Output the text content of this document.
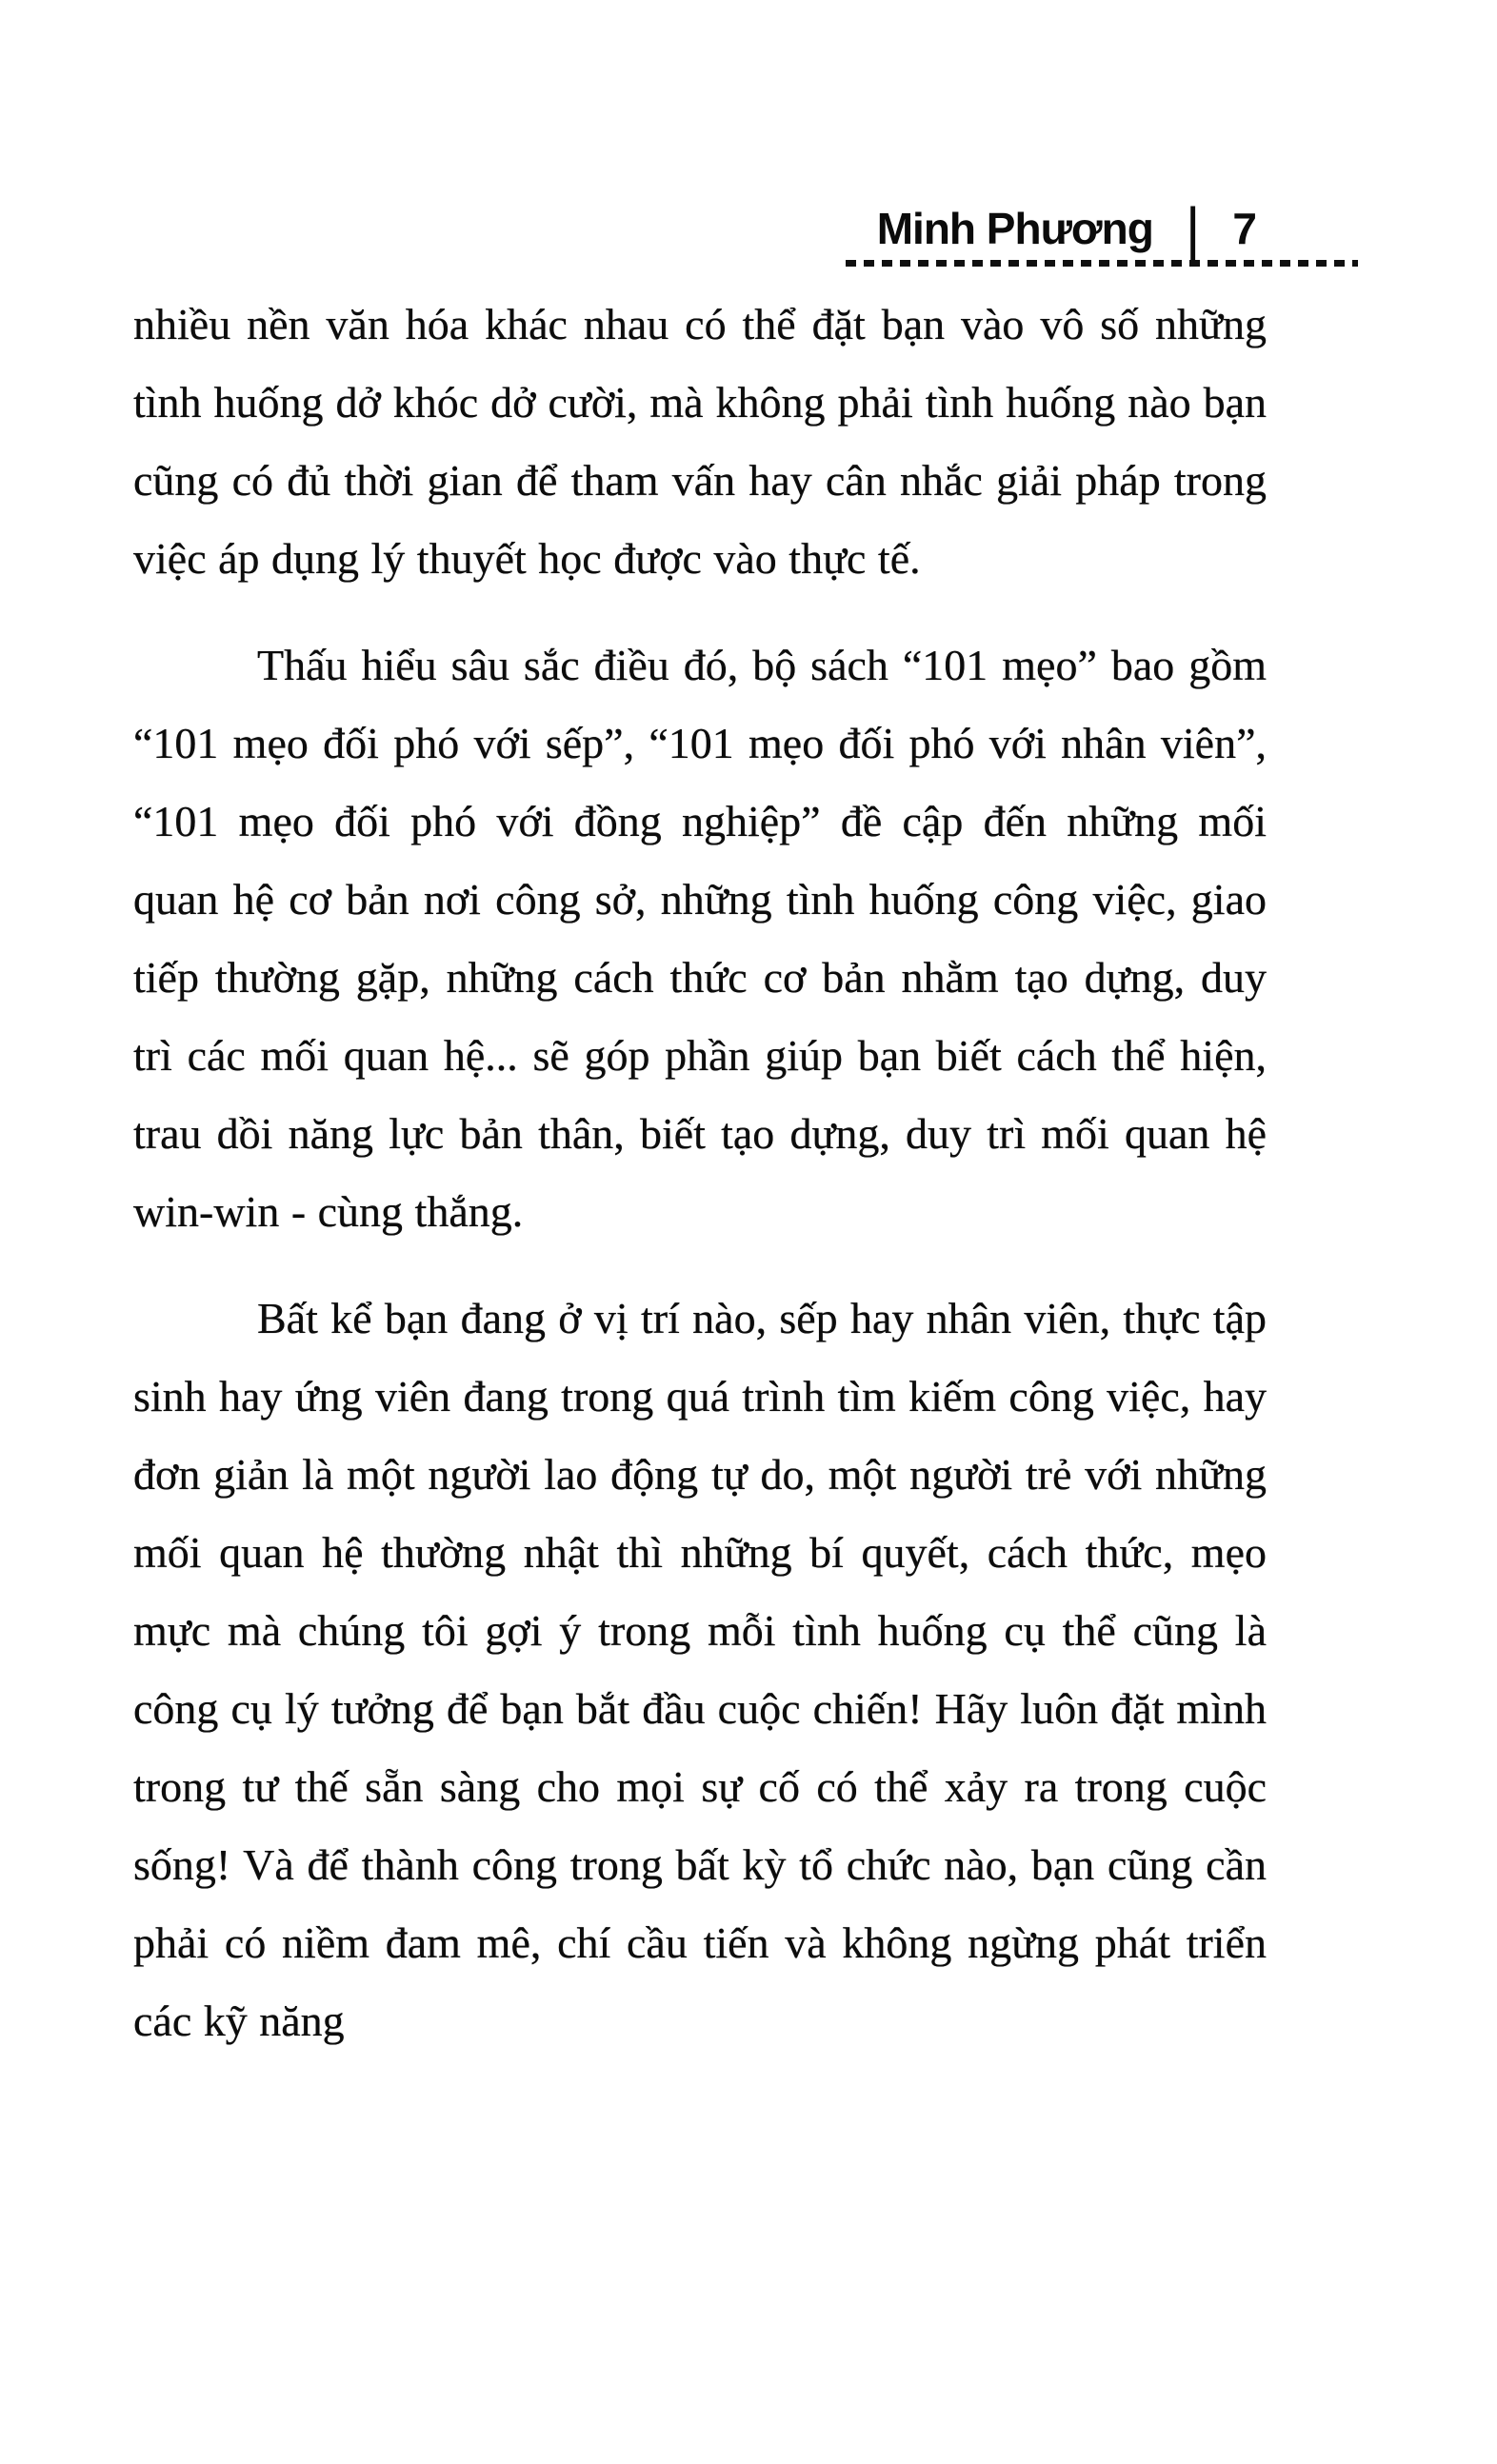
Minh Phương | 7

nhiều nền văn hóa khác nhau có thể đặt bạn vào vô số những tình huống dở khóc dở cười, mà không phải tình huống nào bạn cũng có đủ thời gian để tham vấn hay cân nhắc giải pháp trong việc áp dụng lý thuyết học được vào thực tế.

Thấu hiểu sâu sắc điều đó, bộ sách “101 mẹo” bao gồm “101 mẹo đối phó với sếp”, “101 mẹo đối phó với nhân viên”, “101 mẹo đối phó với đồng nghiệp” đề cập đến những mối quan hệ cơ bản nơi công sở, những tình huống công việc, giao tiếp thường gặp, những cách thức cơ bản nhằm tạo dựng, duy trì các mối quan hệ... sẽ góp phần giúp bạn biết cách thể hiện, trau dồi năng lực bản thân, biết tạo dựng, duy trì mối quan hệ win-win - cùng thắng.

Bất kể bạn đang ở vị trí nào, sếp hay nhân viên, thực tập sinh hay ứng viên đang trong quá trình tìm kiếm công việc, hay đơn giản là một người lao động tự do, một người trẻ với những mối quan hệ thường nhật thì những bí quyết, cách thức, mẹo mực mà chúng tôi gợi ý trong mỗi tình huống cụ thể cũng là công cụ lý tưởng để bạn bắt đầu cuộc chiến! Hãy luôn đặt mình trong tư thế sẵn sàng cho mọi sự cố có thể xảy ra trong cuộc sống! Và để thành công trong bất kỳ tổ chức nào, bạn cũng cần phải có niềm đam mê, chí cầu tiến và không ngừng phát triển các kỹ năng
